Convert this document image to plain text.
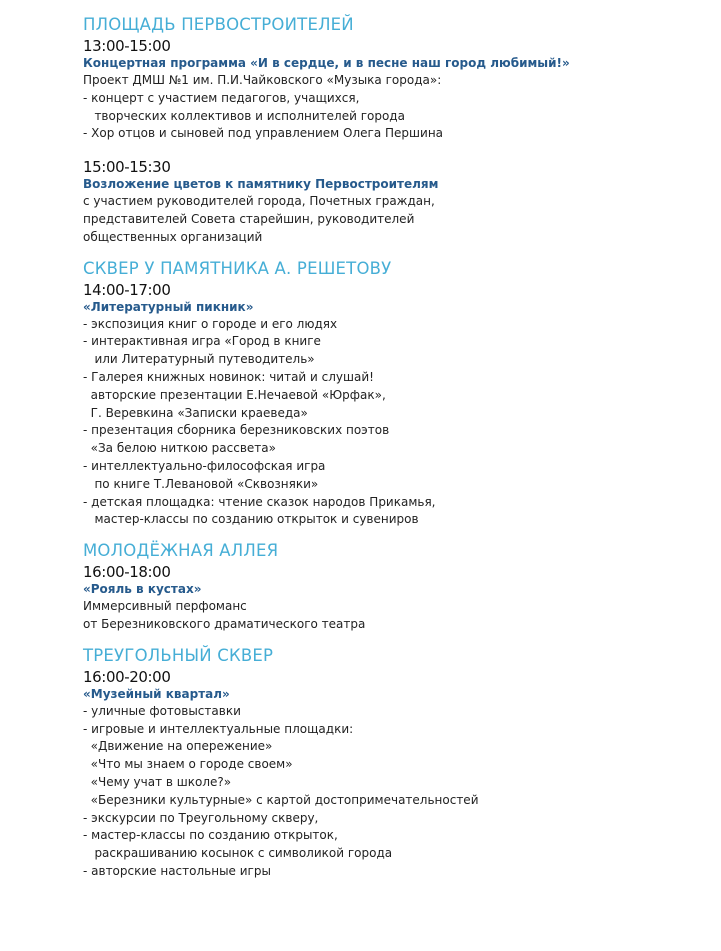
ПЛОЩАДЬ ПЕРВОСТРОИТЕЛЕЙ
13:00-15:00
Концертная программа «И в сердце, и в песне наш город любимый!»
Проект ДМШ №1 им. П.И.Чайковского «Музыка города»:
- концерт с участием педагогов, учащихся,
творческих коллективов и исполнителей города
- Хор отцов и сыновей под управлением Олега Першина
15:00-15:30
Возложение цветов к памятнику Первостроителям
с участием руководителей города, Почетных граждан,
представителей Совета старейшин, руководителей
общественных организаций
СКВЕР У ПАМЯТНИКА А. РЕШЕТОВУ
14:00-17:00
«Литературный пикник»
- экспозиция книг о городе и его людях
- интерактивная игра «Город в книге
или Литературный путеводитель»
- Галерея книжных новинок: читай и слушай!
авторские презентации Е.Нечаевой «Юрфак»,
Г. Веревкина «Записки краеведа»
- презентация сборника березниковских поэтов
«За белою ниткою рассвета»
- интеллектуально-философская игра
по книге Т.Левановой «Сквозняки»
- детская площадка: чтение сказок народов Прикамья,
мастер-классы по созданию открыток и сувениров
МОЛОДЁЖНАЯ АЛЛЕЯ
16:00-18:00
«Рояль в кустах»
Иммерсивный перфоманс
от Березниковского драматического театра
ТРЕУГОЛЬНЫЙ СКВЕР
16:00-20:00
«Музейный квартал»
- уличные фотовыставки
- игровые и интеллектуальные площадки:
«Движение на опережение»
«Что мы знаем о городе своем»
«Чему учат в школе?»
«Березники культурные» с картой достопримечательностей
- экскурсии по Треугольному скверу,
- мастер-классы по созданию открыток,
раскрашиванию косынок с символикой города
- авторские настольные игры
